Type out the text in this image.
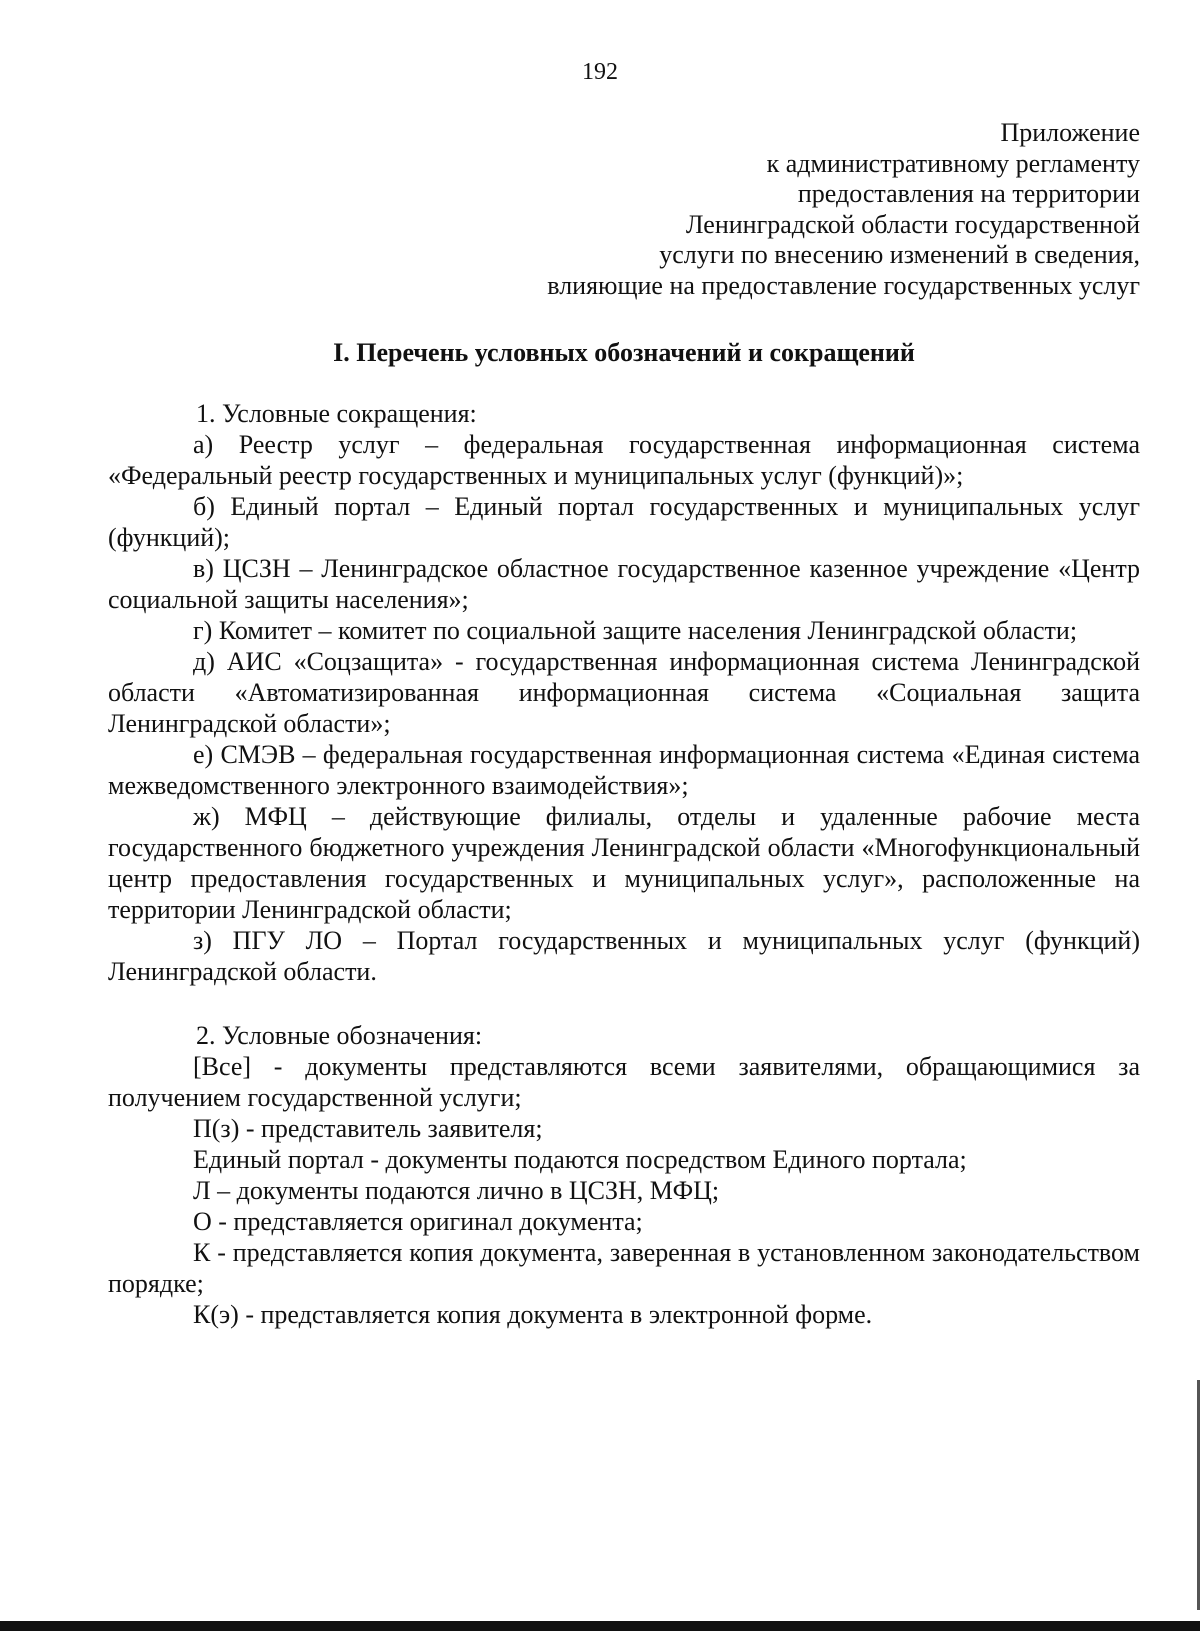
192
Приложение
к административному регламенту
предоставления на территории
Ленинградской области государственной
услуги по внесению изменений в сведения,
влияющие на предоставление государственных услуг
I. Перечень условных обозначений и сокращений

1. Условные сокращения:

а) Реестр услуг – федеральная государственная информационная система «Федеральный реестр государственных и муниципальных услуг (функций)»;

б) Единый портал – Единый портал государственных и муниципальных услуг (функций);

в) ЦСЗН – Ленинградское областное государственное казенное учреждение «Центр социальной защиты населения»;

г) Комитет – комитет по социальной защите населения Ленинградской области;

д) АИС «Соцзащита» - государственная информационная система Ленинградской области «Автоматизированная информационная система «Социальная защита Ленинградской области»;

е) СМЭВ – федеральная государственная информационная система «Единая система межведомственного электронного взаимодействия»;

ж) МФЦ – действующие филиалы, отделы и удаленные рабочие места государственного бюджетного учреждения Ленинградской области «Многофункциональный центр предоставления государственных и муниципальных услуг», расположенные на территории Ленинградской области;

з) ПГУ ЛО – Портал государственных и муниципальных услуг (функций) Ленинградской области.

2. Условные обозначения:

[Все] - документы представляются всеми заявителями, обращающимися за получением государственной услуги;

П(з) - представитель заявителя;

Единый портал - документы подаются посредством Единого портала;

Л – документы подаются лично в ЦСЗН, МФЦ;

О - представляется оригинал документа;

К - представляется копия документа, заверенная в установленном законодательством порядке;

К(э) - представляется копия документа в электронной форме.
